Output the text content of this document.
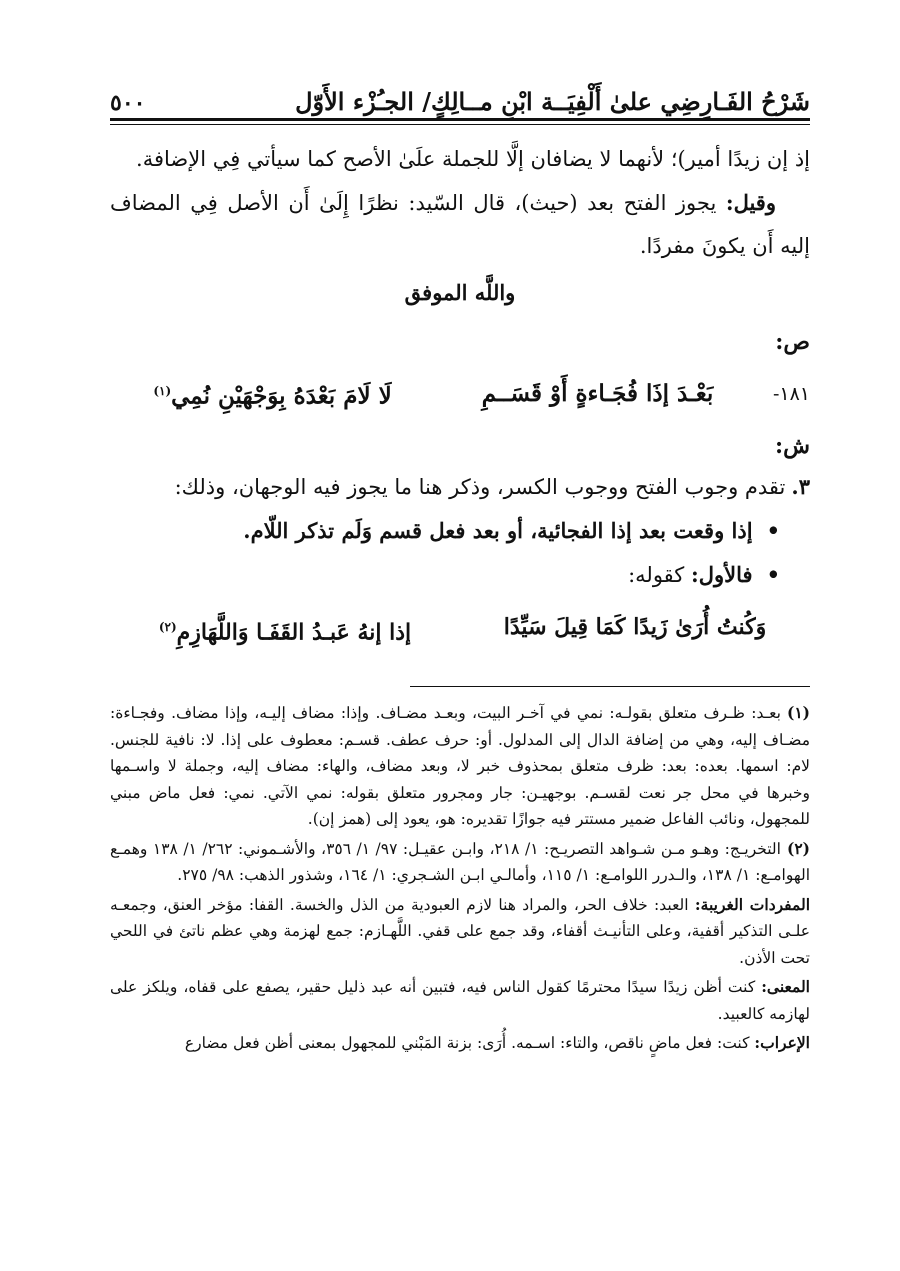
شَرْحُ الفَـارِضِي علىٰ أَلْفِيَــة ابْنِ مــالِكٍ/ الجـُزْء الأَوّل
٥٠٠

إذ إن زيدًا أمير)؛ لأنهما لا يضافان إلَّا للجملة علَىٰ الأصح كما سيأتي فِي الإضافة.

وقيل: يجوز الفتح بعد (حيث)، قال السّيد: نظرًا إِلَىٰ أَن الأصل فِي المضاف إليه أَن يكونَ مفردًا.

واللَّه الموفق

ص:

١٨١-
بَعْـدَ إذَا فُجَـاءةٍ أَوْ قَسَــمِ
لَا لَامَ بَعْدَهُ بِوَجْهَيْنِ نُمِي$^{(١)}$

ش:

٣.تقدم وجوب الفتح ووجوب الكسر، وذكر هنا ما يجوز فيه الوجهان، وذلك:

• إذا وقعت بعد إذا الفجائية، أو بعد فعل قسم وَلَم تذكر اللّام.

• فالأول: كقوله:

وَكُنتُ أُرَىٰ زَيدًا كَمَا قِيلَ سَيِّدًا
إذا إنهُ عَبـدُ القَفَـا وَاللَّهَازِمِ$^{(٢)}$

(١)بعـد: ظـرف متعلق بقولـه: نمي في آخـر البيت، وبعـد مضـاف. وإذا: مضاف إليـه، وإذا مضاف. وفجـاءة: مضـاف إليه، وهي من إضافة الدال إلى المدلول. أو: حرف عطف. قسـم: معطوف على إذا. لا: نافية للجنس. لام: اسمها. بعده: بعد: ظرف متعلق بمحذوف خبر لا، وبعد مضاف، والهاء: مضاف إليه، وجملة لا واسـمها وخبرها في محل جر نعت لقسـم. بوجهيـن: جار ومجرور متعلق بقوله: نمي الآتي. نمي: فعل ماض مبني للمجهول، ونائب الفاعل ضمير مستتر فيه جوازًا تقديره: هو، يعود إلى (همز إن).

(٢)التخريـج: وهـو مـن شـواهد التصريـح: ١/ ٢١٨، وابـن عقيـل: ٩٧/ ١/ ٣٥٦، والأشـموني: ٢٦٢/ ١/ ١٣٨ وهمـع الهوامـع: ١/ ١٣٨، والـدرر اللوامـع: ١/ ١١٥، وأمالـي ابـن الشـجري: ١/ ١٦٤، وشذور الذهب: ٩٨/ ٢٧٥.

المفردات الغريبة: العبد: خلاف الحر، والمراد هنا لازم العبودية من الذل والخسة. القفا: مؤخر العنق، وجمعـه علـى التذكير أقفية، وعلى التأنيـث أقفاء، وقد جمع على قفي. اللَّهـازم: جمع لهزمة وهي عظم ناتئ في اللحي تحت الأذن.

المعنى: كنت أظن زيدًا سيدًا محترمًا كقول الناس فيه، فتبين أنه عبد ذليل حقير، يصفع على قفاه، ويلكز على لهازمه كالعبيد.

الإعراب: كنت: فعل ماضٍ ناقص، والتاء: اسـمه. أُرَى: بزنة المَبْني للمجهول بمعنى أظن فعل مضارع
